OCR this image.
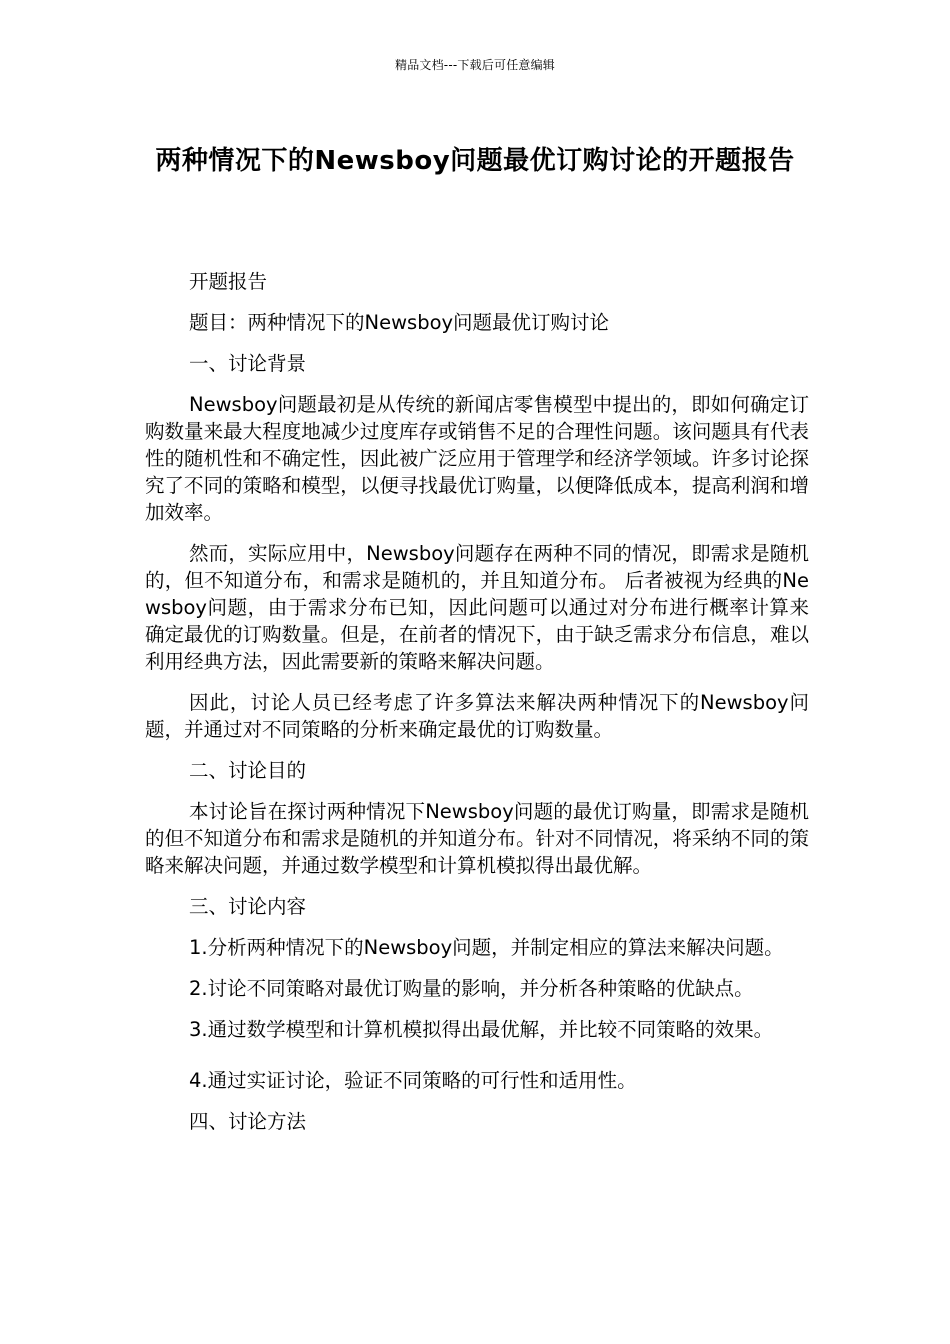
精品文档---下载后可任意编辑
两种情况下的Newsboy问题最优订购讨论的开题报告

开题报告

题目：两种情况下的Newsboy问题最优订购讨论

一、讨论背景

Newsboy问题最初是从传统的新闻店零售模型中提出的，即如何确定订购数量来最大程度地减少过度库存或销售不足的合理性问题。该问题具有代表性的随机性和不确定性，因此被广泛应用于管理学和经济学领域。许多讨论探究了不同的策略和模型，以便寻找最优订购量，以便降低成本，提高利润和增加效率。

然而，实际应用中，Newsboy问题存在两种不同的情况，即需求是随机的，但不知道分布，和需求是随机的，并且知道分布。 后者被视为经典的Newsboy问题，由于需求分布已知，因此问题可以通过对分布进行概率计算来确定最优的订购数量。但是，在前者的情况下，由于缺乏需求分布信息，难以利用经典方法，因此需要新的策略来解决问题。

因此，讨论人员已经考虑了许多算法来解决两种情况下的Newsboy问题，并通过对不同策略的分析来确定最优的订购数量。

二、讨论目的

本讨论旨在探讨两种情况下Newsboy问题的最优订购量，即需求是随机的但不知道分布和需求是随机的并知道分布。针对不同情况，将采纳不同的策略来解决问题，并通过数学模型和计算机模拟得出最优解。

三、讨论内容

1.分析两种情况下的Newsboy问题，并制定相应的算法来解决问题。

2.讨论不同策略对最优订购量的影响，并分析各种策略的优缺点。

3.通过数学模型和计算机模拟得出最优解，并比较不同策略的效果。

4.通过实证讨论，验证不同策略的可行性和适用性。

四、讨论方法
